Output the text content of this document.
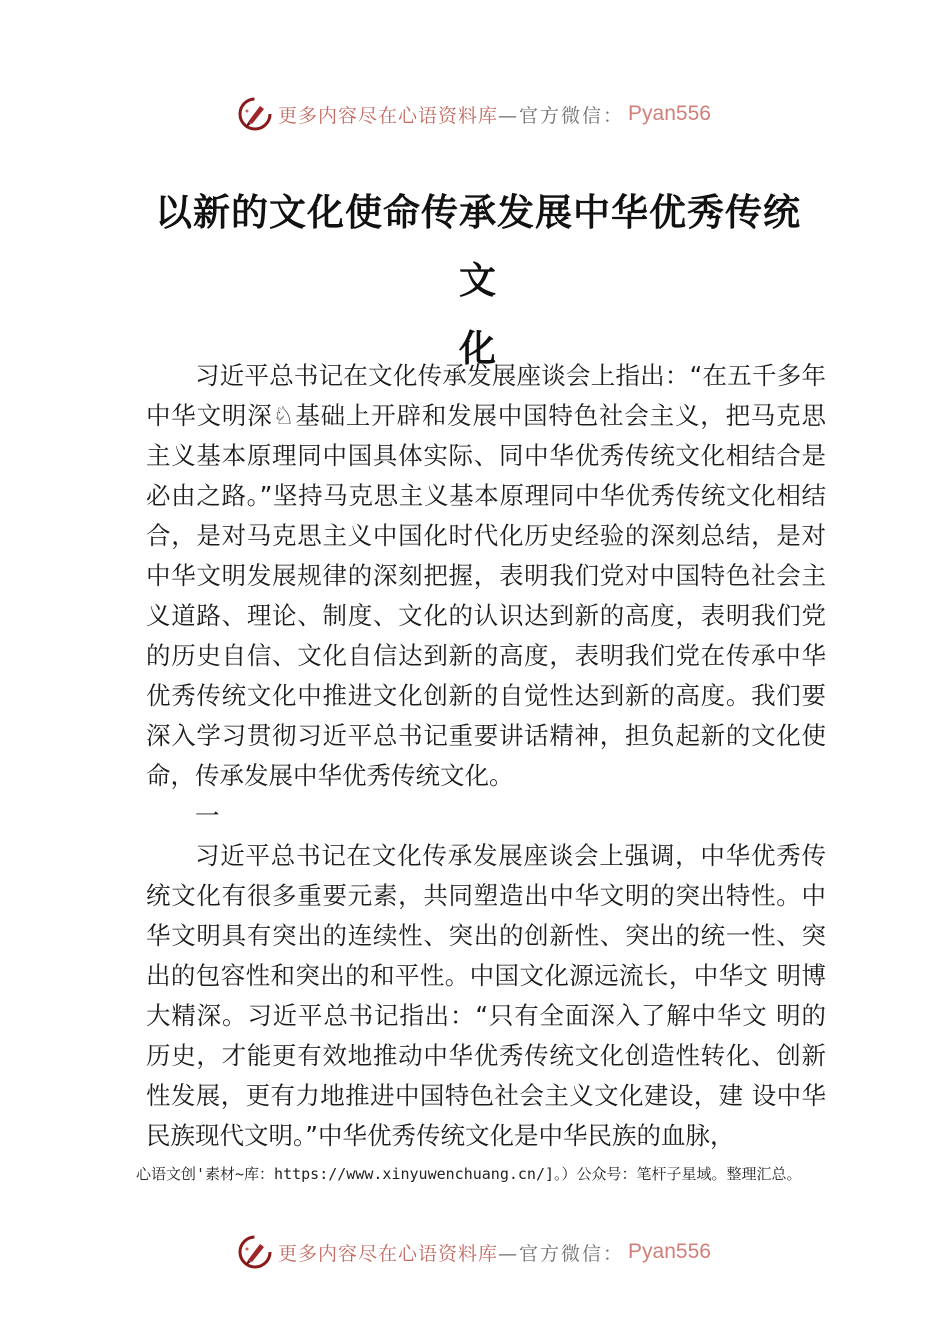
更多内容尽在心语资料库 —官方微信： Pyan556
以新的文化使命传承发展中华优秀传统文
化

习近平总书记在文化传承发展座谈会上指出：“在五千多年中华文明深♘基础上开辟和发展中国特色社会主义，把马克思主义基本原理同中国具体实际、同中华优秀传统文化相结合是必由之路。”坚持马克思主义基本原理同中华优秀传统文化相结合，是对马克思主义中国化时代化历史经验的深刻总结，是对中华文明发展规律的深刻把握，表明我们党对中国特色社会主义道路、理论、制度、文化的认识达到新的高度，表明我们党的历史自信、文化自信达到新的高度，表明我们党在传承中华优秀传统文化中推进文化创新的自觉性达到新的高度。我们要深入学习贯彻习近平总书记重要讲话精神，担负起新的文化使命，传承发展中华优秀传统文化。

一

习近平总书记在文化传承发展座谈会上强调，中华优秀传统文化有很多重要元素，共同塑造出中华文明的突出特性。中华文明具有突出的连续性、突出的创新性、突出的统一性、突出的包容性和突出的和平性。中国文化源远流长，中华文 明博大精深。习近平总书记指出：“只有全面深入了解中华文 明的历史，才能更有效地推动中华优秀传统文化创造性转化、创新性发展，更有力地推进中国特色社会主义文化建设，建 设中华民族现代文明。”中华优秀传统文化是中华民族的血脉，

心语文创'素材~库：https://www.xinyuwenchuang.cn/]。）公众号：笔杆子星域。整理汇总。
更多内容尽在心语资料库 —官方微信： Pyan556
